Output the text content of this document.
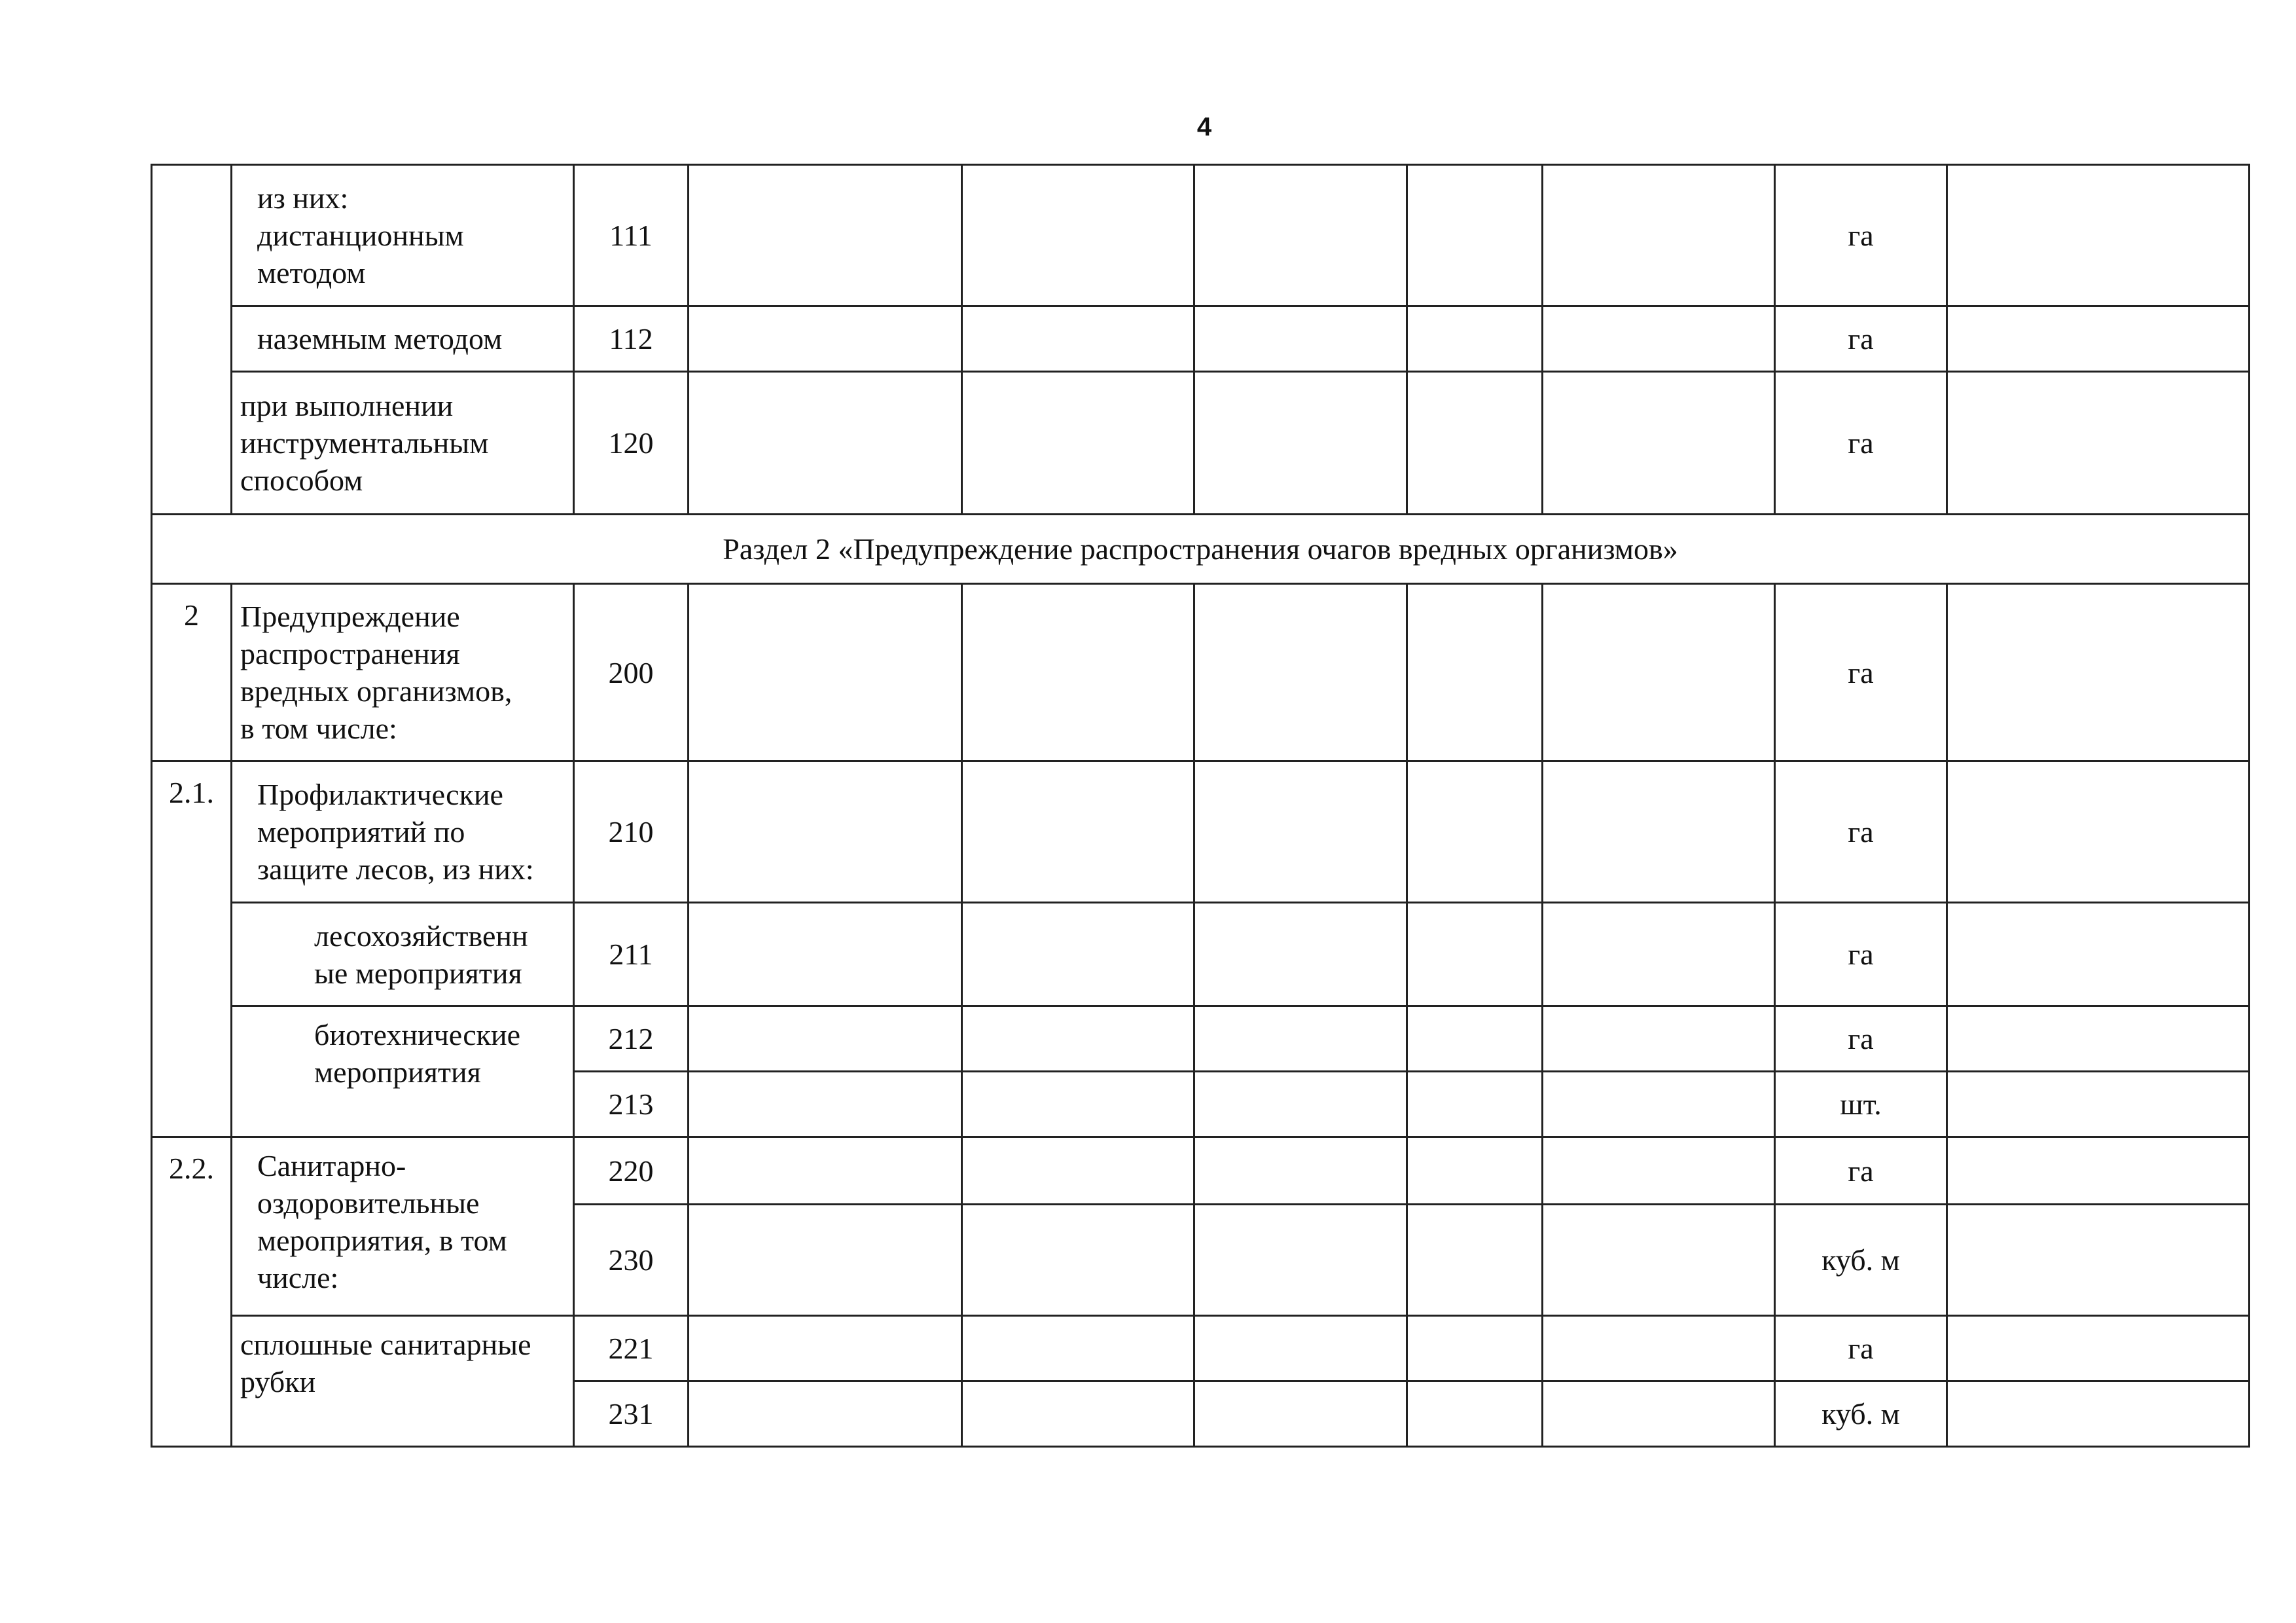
4

	из них:
дистанционным
методом	111						га	
	наземным методом	112						га	

	при выполнении
инструментальным
способом	120						га	
Раздел 2 «Предупреждение распространения очагов вредных организмов»									
2	Предупреждение
распространения
вредных организмов,
в том числе:	200						га	
2.1.	Профилактические
мероприятий по
защите лесов, из них:	210						га	

	лесохозяйственн
ые мероприятия	211						га	

	биотехнические
мероприятия	212						га	
		213						шт.	
2.2.	Санитарно-
оздоровительные
мероприятия, в том
числе:	220						га	
		230						куб. м	

	сплошные санитарные
рубки	221						га	
		231						куб. м	
